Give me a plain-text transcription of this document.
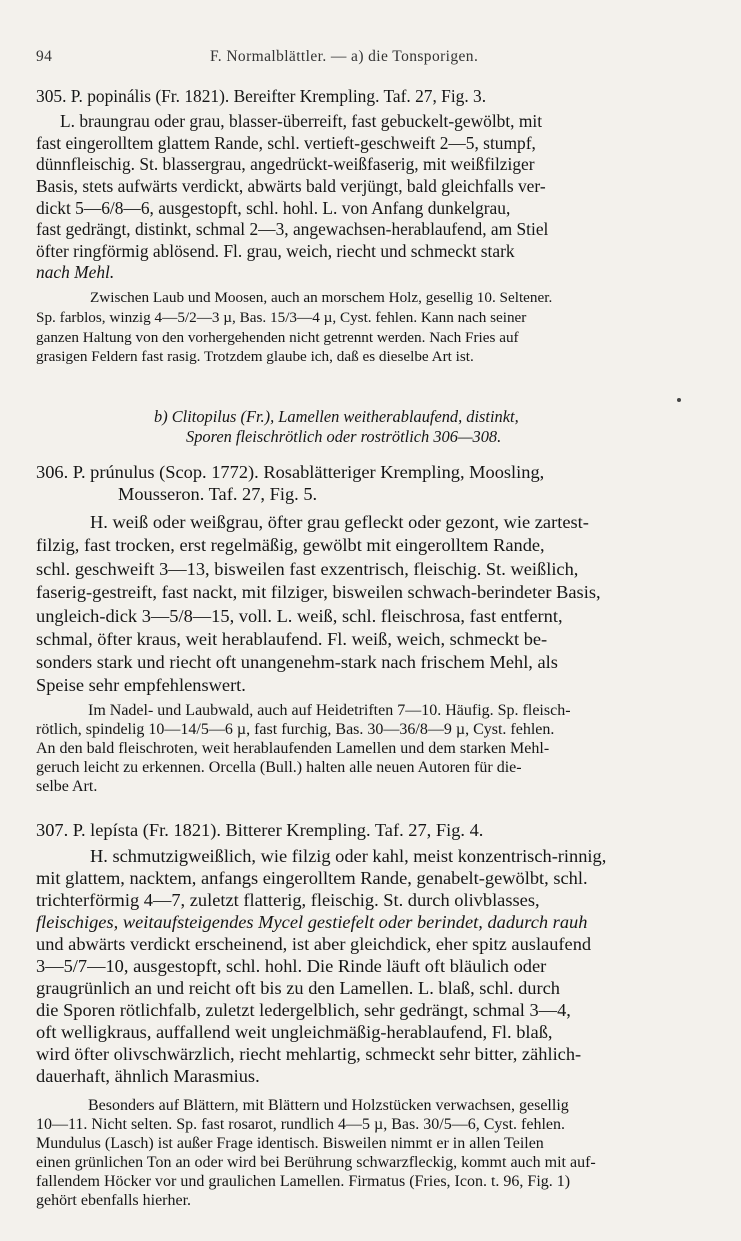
94	F. Normalblättler. — a) die Tonsporigen.
305. P. popinális (Fr. 1821). Bereifter Krempling. Taf. 27, Fig. 3.
L. braungrau oder grau, blasser-überreift, fast gebuckelt-gewölbt, mit
fast eingerolltem glattem Rande, schl. vertieft-geschweift 2—5, stumpf,
dünnfleischig. St. blassergrau, angedrückt-weißfaserig, mit weißfilziger
Basis, stets aufwärts verdickt, abwärts bald verjüngt, bald gleichfalls ver-
dickt 5—6/8—6, ausgestopft, schl. hohl. L. von Anfang dunkelgrau,
fast gedrängt, distinkt, schmal 2—3, angewachsen-herablaufend, am Stiel
öfter ringförmig ablösend. Fl. grau, weich, riecht und schmeckt stark
nach Mehl.
Zwischen Laub und Moosen, auch an morschem Holz, gesellig 10. Seltener.
Sp. farblos, winzig 4—5/2—3 µ, Bas. 15/3—4 µ, Cyst. fehlen. Kann nach seiner
ganzen Haltung von den vorhergehenden nicht getrennt werden. Nach Fries auf
grasigen Feldern fast rasig. Trotzdem glaube ich, daß es dieselbe Art ist.
b) Clitopilus (Fr.), Lamellen weitherablaufend, distinkt,
Sporen fleischrötlich oder roströtlich 306—308.
306. P. prúnulus (Scop. 1772). Rosablätteriger Krempling, Moosling,
Mousseron. Taf. 27, Fig. 5.
H. weiß oder weißgrau, öfter grau gefleckt oder gezont, wie zartest-
filzig, fast trocken, erst regelmäßig, gewölbt mit eingerolltem Rande,
schl. geschweift 3—13, bisweilen fast exzentrisch, fleischig. St. weißlich,
faserig-gestreift, fast nackt, mit filziger, bisweilen schwach-berindeter Basis,
ungleich-dick 3—5/8—15, voll. L. weiß, schl. fleischrosa, fast entfernt,
schmal, öfter kraus, weit herablaufend. Fl. weiß, weich, schmeckt be-
sonders stark und riecht oft unangenehm-stark nach frischem Mehl, als
Speise sehr empfehlenswert.
Im Nadel- und Laubwald, auch auf Heidetriften 7—10. Häufig. Sp. fleisch-
rötlich, spindelig 10—14/5—6 µ, fast furchig, Bas. 30—36/8—9 µ, Cyst. fehlen.
An den bald fleischroten, weit herablaufenden Lamellen und dem starken Mehl-
geruch leicht zu erkennen. Orcella (Bull.) halten alle neuen Autoren für die-
selbe Art.
307. P. lepísta (Fr. 1821). Bitterer Krempling. Taf. 27, Fig. 4.
H. schmutzigweißlich, wie filzig oder kahl, meist konzentrisch-rinnig,
mit glattem, nacktem, anfangs eingerolltem Rande, genabelt-gewölbt, schl.
trichterförmig 4—7, zuletzt flatterig, fleischig. St. durch olivblasses,
fleischiges, weitaufsteigendes Mycel gestiefelt oder berindet, dadurch rauh
und abwärts verdickt erscheinend, ist aber gleichdick, eher spitz auslaufend
3—5/7—10, ausgestopft, schl. hohl. Die Rinde läuft oft bläulich oder
graugrünlich an und reicht oft bis zu den Lamellen. L. blaß, schl. durch
die Sporen rötlichfalb, zuletzt ledergelblich, sehr gedrängt, schmal 3—4,
oft welligkraus, auffallend weit ungleichmäßig-herablaufend, Fl. blaß,
wird öfter olivschwärzlich, riecht mehlartig, schmeckt sehr bitter, zählich-
dauerhaft, ähnlich Marasmius.
Besonders auf Blättern, mit Blättern und Holzstücken verwachsen, gesellig
10—11. Nicht selten. Sp. fast rosarot, rundlich 4—5 µ, Bas. 30/5—6, Cyst. fehlen.
Mundulus (Lasch) ist außer Frage identisch. Bisweilen nimmt er in allen Teilen
einen grünlichen Ton an oder wird bei Berührung schwarzfleckig, kommt auch mit auf-
fallendem Höcker vor und graulichen Lamellen. Firmatus (Fries, Icon. t. 96, Fig. 1)
gehört ebenfalls hierher.
